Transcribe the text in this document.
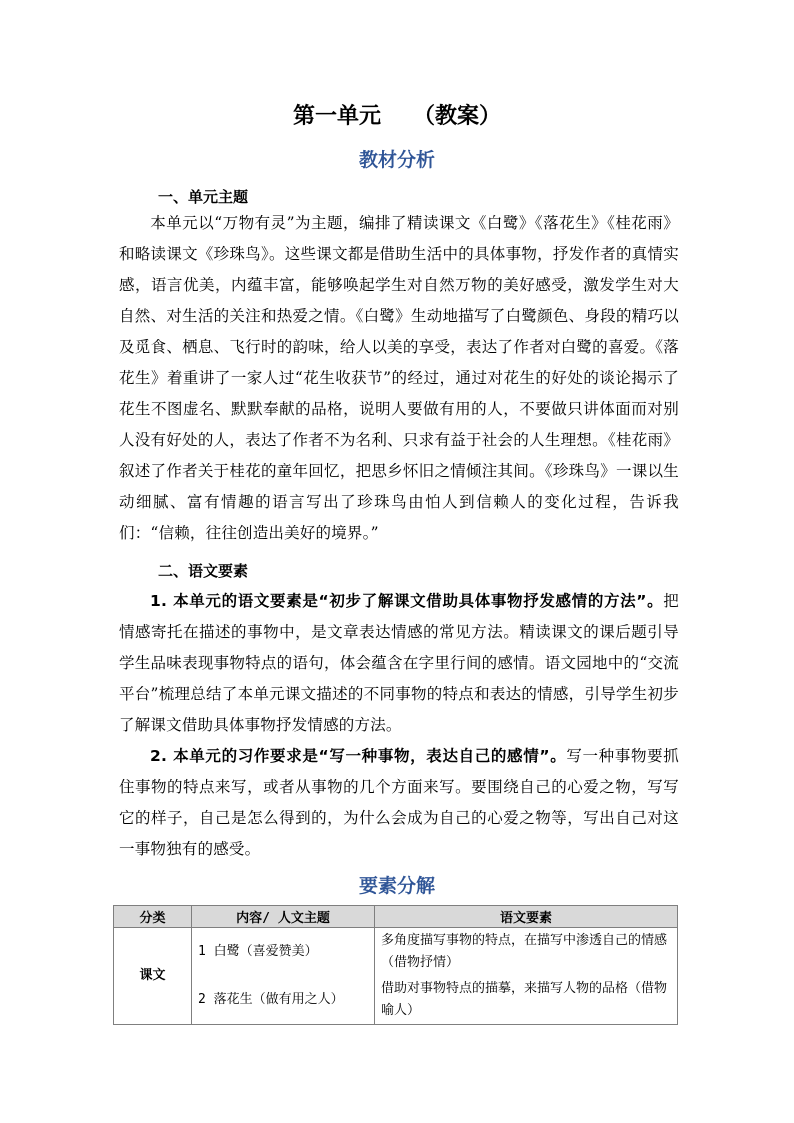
第一单元 （教案）
教材分析
一、单元主题
本单元以“万物有灵”为主题，编排了精读课文《白鹭》《落花生》《桂花雨》和略读课文《珍珠鸟》。这些课文都是借助生活中的具体事物，抒发作者的真情实感，语言优美，内蕴丰富，能够唤起学生对自然万物的美好感受，激发学生对大自然、对生活的关注和热爱之情。《白鹭》生动地描写了白鹭颜色、身段的精巧以及觅食、栖息、飞行时的韵味，给人以美的享受，表达了作者对白鹭的喜爱。《落花生》着重讲了一家人过“花生收获节”的经过，通过对花生的好处的谈论揭示了花生不图虚名、默默奉献的品格，说明人要做有用的人，不要做只讲体面而对别人没有好处的人，表达了作者不为名利、只求有益于社会的人生理想。《桂花雨》叙述了作者关于桂花的童年回忆，把思乡怀旧之情倾注其间。《珍珠鸟》一课以生动细腻、富有情趣的语言写出了珍珠鸟由怕人到信赖人的变化过程，告诉我们：“信赖，往往创造出美好的境界。”
二、语文要素
1. 本单元的语文要素是“初步了解课文借助具体事物抒发感情的方法”。把情感寄托在描述的事物中，是文章表达情感的常见方法。精读课文的课后题引导学生品味表现事物特点的语句，体会蕴含在字里行间的感情。语文园地中的“交流平台”梳理总结了本单元课文描述的不同事物的特点和表达的情感，引导学生初步了解课文借助具体事物抒发情感的方法。
2. 本单元的习作要求是“写一种事物，表达自己的感情”。写一种事物要抓住事物的特点来写，或者从事物的几个方面来写。要围绕自己的心爱之物，写写它的样子，自己是怎么得到的，为什么会成为自己的心爱之物等，写出自己对这一事物独有的感受。
要素分解
分类	内容/ 人文主题	语文要素
课文	1 白鹭（喜爱赞美）	多角度描写事物的特点，在描写中渗透自己的情感（借物抒情）
	2 落花生（做有用之人）	借助对事物特点的描摹，来描写人物的品格（借物喻人）
